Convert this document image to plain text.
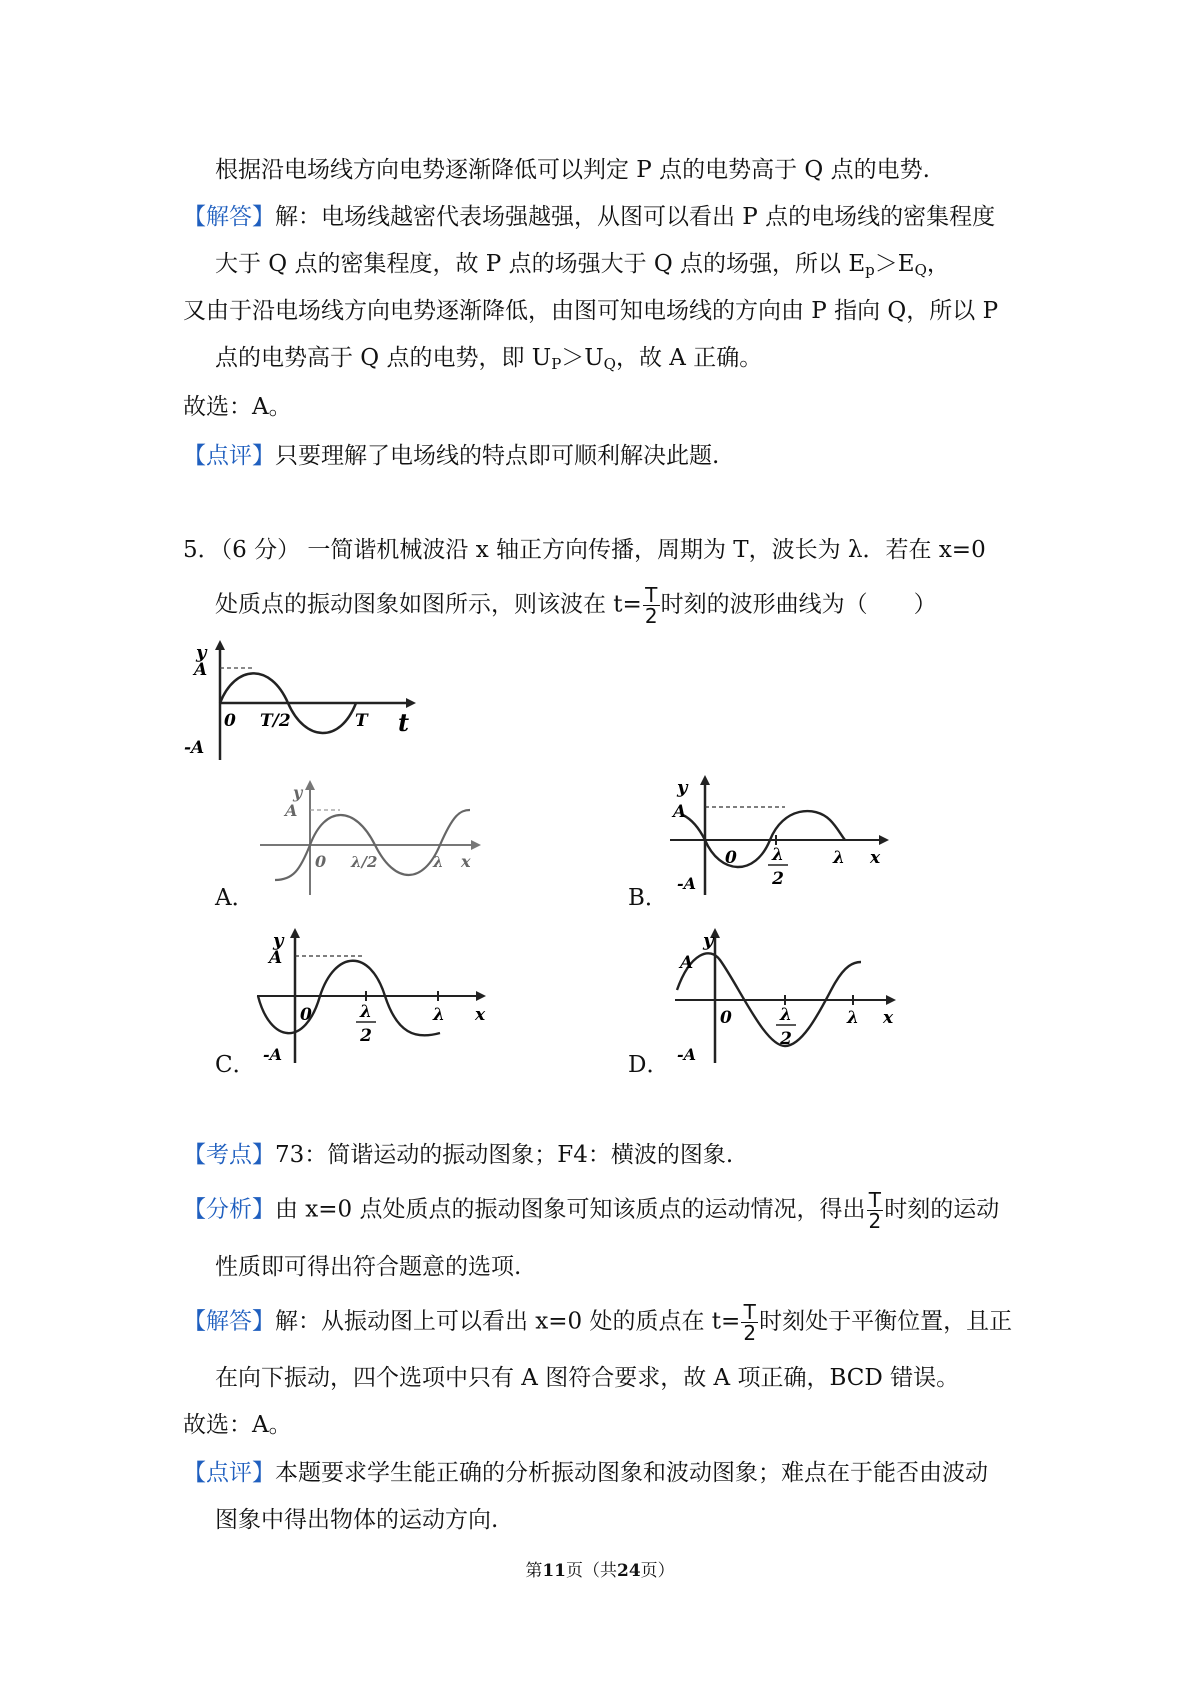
根据沿电场线方向电势逐渐降低可以判定 P 点的电势高于 Q 点的电势.
【解答】解：电场线越密代表场强越强，从图可以看出 P 点的电场线的密集程度
大于 Q 点的密集程度，故 P 点的场强大于 Q 点的场强，所以 $E_p>E_Q$，
又由于沿电场线方向电势逐渐降低，由图可知电场线的方向由 P 指向 Q，所以 P
点的电势高于 Q 点的电势，即 $U_P>U_Q$，故 A 正确。
故选：A。
【点评】只要理解了电场线的特点即可顺利解决此题.
5．（6 分） 一简谐机械波沿 x 轴正方向传播，周期为 T，波长为 λ．若在 x=0
处质点的振动图象如图所示，则该波在 $t= \frac{T}{2}$ 时刻的波形曲线为（　　）
y
A
-A
0 T/2	T t
A．
y
A
0 λ/2	λ x
B．
y
A
-A
0 λ
2
λ x
C．
y
A
-A
0	λ
2
λ x
D．
y
A
-A
0	λ
2
λ x
【考点】73：简谐运动的振动图象；F4：横波的图象.
【分析】由 x=0 点处质点的振动图象可知该质点的运动情况，得出 $\frac{T}{2}$ 时刻的运动
性质即可得出符合题意的选项.
【解答】解：从振动图上可以看出 x=0 处的质点在 $t= \frac{T}{2}$ 时刻处于平衡位置，且正
在向下振动，四个选项中只有 A 图符合要求，故 A 项正确，BCD 错误。
故选：A。
【点评】本题要求学生能正确的分析振动图象和波动图象；难点在于能否由波动
图象中得出物体的运动方向.
第11页（共24页）
